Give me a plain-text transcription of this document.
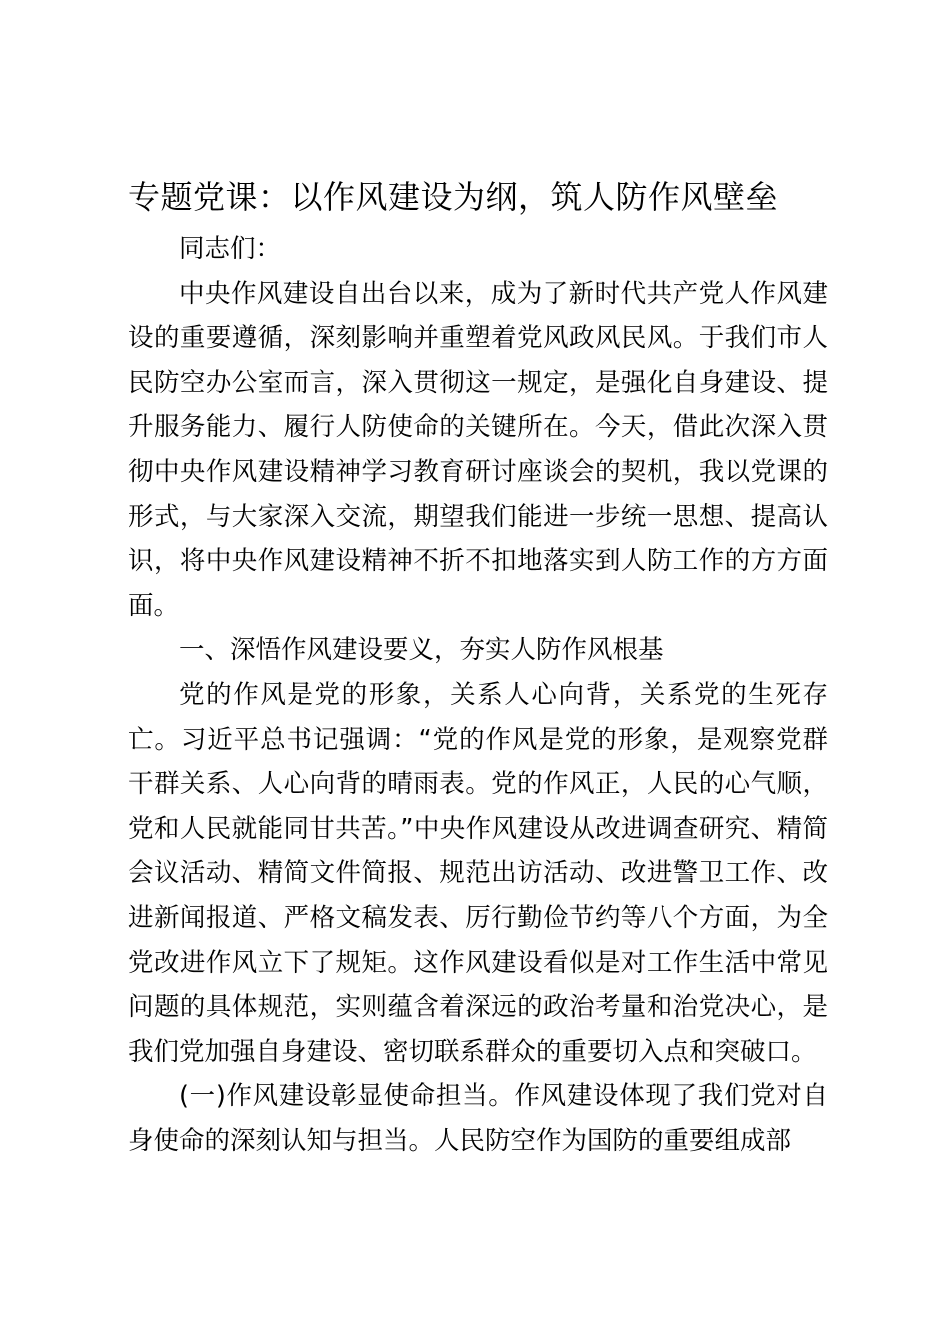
专题党课：以作风建设为纲，筑人防作风壁垒

同志们：

中央作风建设自出台以来，成为了新时代共产党人作风建设的重要遵循，深刻影响并重塑着党风政风民风。于我们市人民防空办公室而言，深入贯彻这一规定，是强化自身建设、提升服务能力、履行人防使命的关键所在。今天，借此次深入贯彻中央作风建设精神学习教育研讨座谈会的契机，我以党课的形式，与大家深入交流，期望我们能进一步统一思想、提高认识，将中央作风建设精神不折不扣地落实到人防工作的方方面面。

一、深悟作风建设要义，夯实人防作风根基

党的作风是党的形象，关系人心向背，关系党的生死存亡。习近平总书记强调：“党的作风是党的形象，是观察党群干群关系、人心向背的晴雨表。党的作风正，人民的心气顺，党和人民就能同甘共苦。”中央作风建设从改进调查研究、精简会议活动、精简文件简报、规范出访活动、改进警卫工作、改进新闻报道、严格文稿发表、厉行勤俭节约等八个方面，为全党改进作风立下了规矩。这作风建设看似是对工作生活中常见问题的具体规范，实则蕴含着深远的政治考量和治党决心，是我们党加强自身建设、密切联系群众的重要切入点和突破口。

(一)作风建设彰显使命担当。作风建设体现了我们党对自身使命的深刻认知与担当。人民防空作为国防的重要组成部
